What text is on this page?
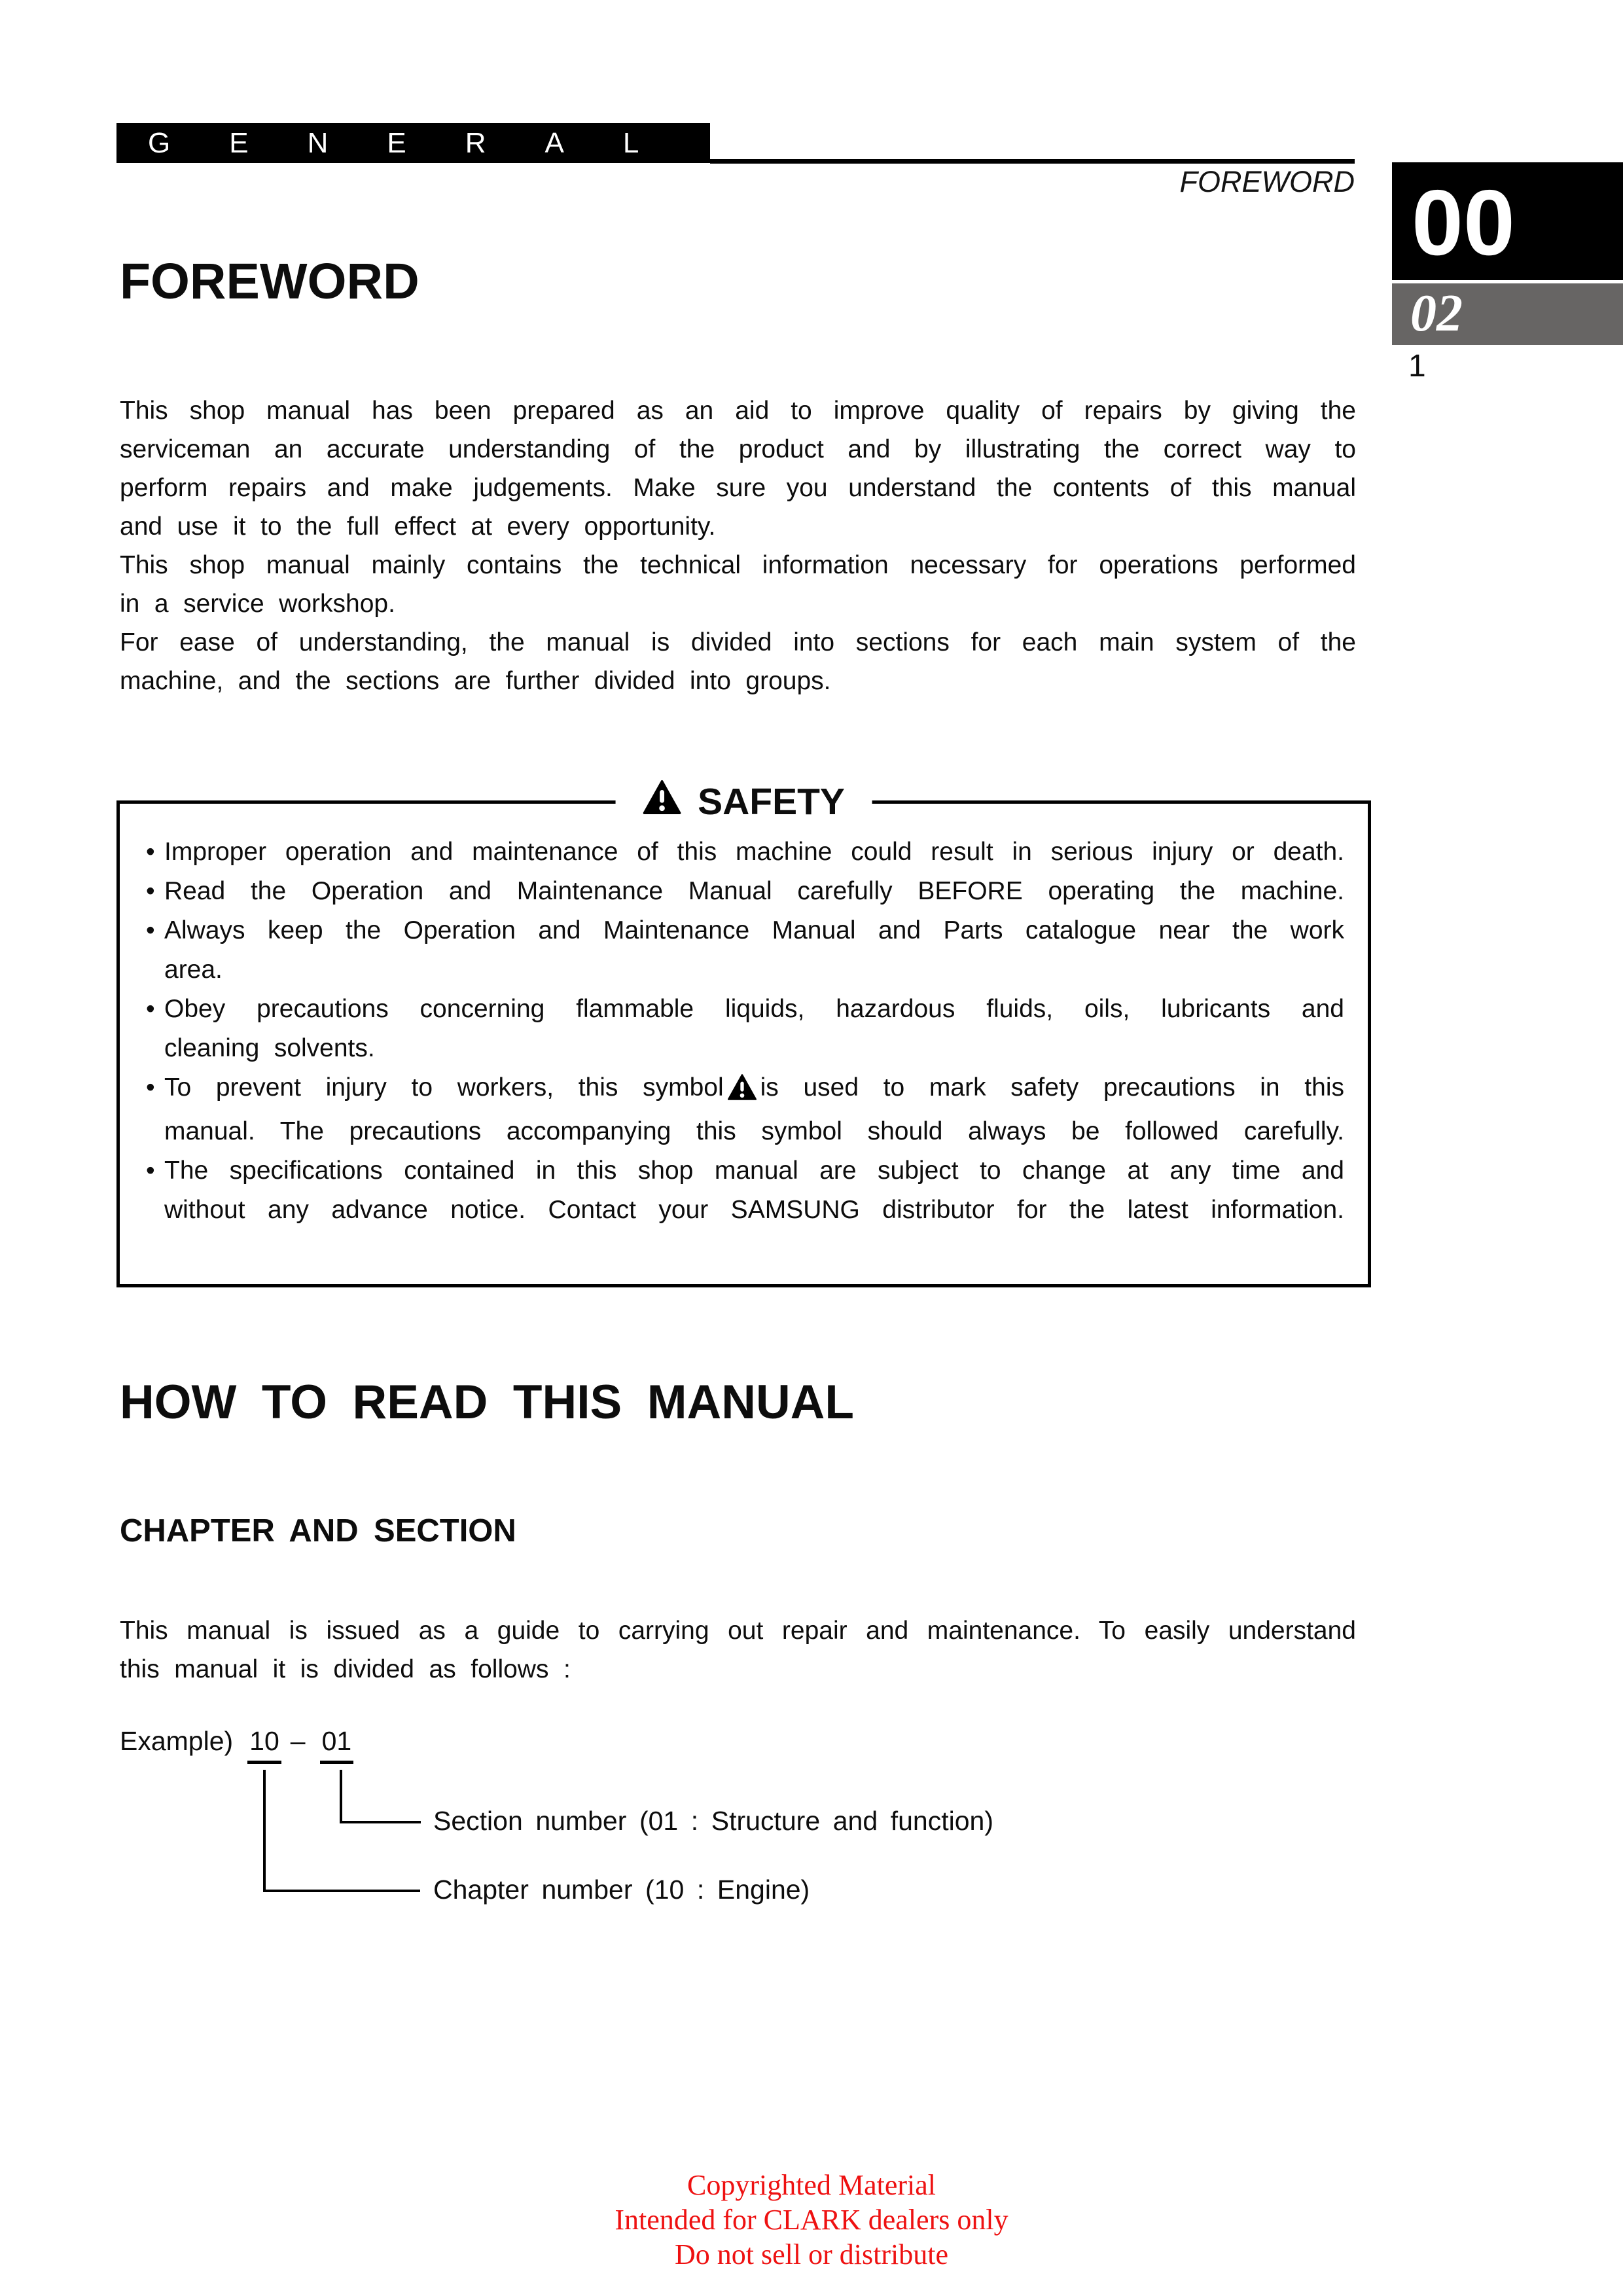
GENERAL
FOREWORD 00
02
1
FOREWORD
This shop manual has been prepared as an aid to improve quality of repairs by giving the
serviceman an accurate understanding of the product and by illustrating the correct way to
perform repairs and make judgements. Make sure you understand the contents of this manual
and use it to the full effect at every opportunity.
This shop manual mainly contains the technical information necessary for operations performed
in a service workshop.
For ease of understanding, the manual is divided into sections for each main system of the
machine, and the sections are further divided into groups.
SAFETY
• Improper operation and maintenance of this machine could result in serious injury or death.
• Read the Operation and Maintenance Manual carefully BEFORE operating the machine.
• Always keep the Operation and Maintenance Manual and Parts catalogue near the work
area.
• Obey precautions concerning flammable liquids, hazardous fluids, oils, lubricants and
cleaning solvents.
• To prevent injury to workers, this symbol is used to mark safety precautions in this
manual. The precautions accompanying this symbol should always be followed carefully.
• The specifications contained in this shop manual are subject to change at any time and
without any advance notice. Contact your SAMSUNG distributor for the latest information.
HOW TO READ THIS MANUAL
CHAPTER AND SECTION
This manual is issued as a guide to carrying out repair and maintenance. To easily understand
this manual it is divided as follows :
Example) 10 – 01
Section number (01 : Structure and function)
Chapter number (10 : Engine)
Copyrighted Material
Intended for CLARK dealers only
Do not sell or distribute
